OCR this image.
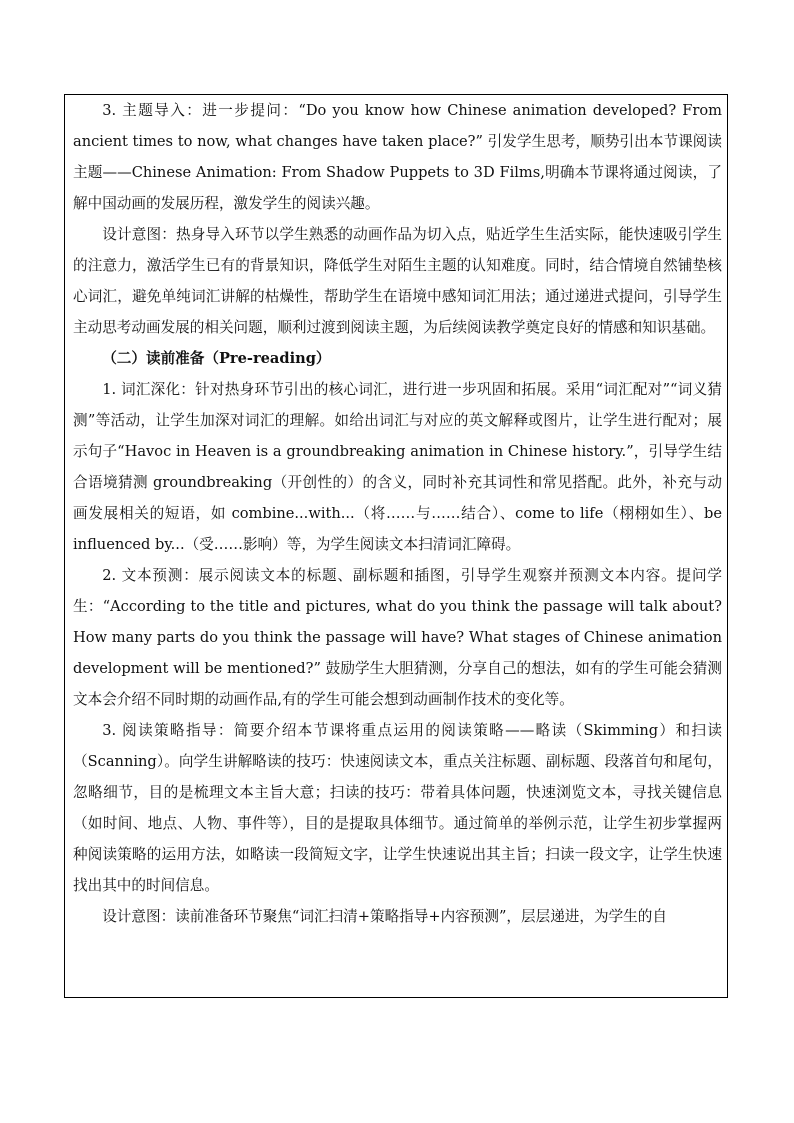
3. 主题导入：进一步提问：“Do you know how Chinese animation developed? From ancient times to now, what changes have taken place?” 引发学生思考，顺势引出本节课阅读主题——Chinese Animation: From Shadow Puppets to 3D Films,明确本节课将通过阅读，了解中国动画的发展历程，激发学生的阅读兴趣。

设计意图：热身导入环节以学生熟悉的动画作品为切入点，贴近学生生活实际，能快速吸引学生的注意力，激活学生已有的背景知识，降低学生对陌生主题的认知难度。同时，结合情境自然铺垫核心词汇，避免单纯词汇讲解的枯燥性，帮助学生在语境中感知词汇用法；通过递进式提问，引导学生主动思考动画发展的相关问题，顺利过渡到阅读主题，为后续阅读教学奠定良好的情感和知识基础。

（二）读前准备（Pre-reading）

1. 词汇深化：针对热身环节引出的核心词汇，进行进一步巩固和拓展。采用“词汇配对”“词义猜测”等活动，让学生加深对词汇的理解。如给出词汇与对应的英文解释或图片，让学生进行配对；展示句子“Havoc in Heaven is a groundbreaking animation in Chinese history.”，引导学生结合语境猜测 groundbreaking（开创性的）的含义，同时补充其词性和常见搭配。此外，补充与动画发展相关的短语，如 combine...with...（将……与……结合）、come to life（栩栩如生）、be influenced by...（受……影响）等，为学生阅读文本扫清词汇障碍。

2. 文本预测：展示阅读文本的标题、副标题和插图，引导学生观察并预测文本内容。提问学生：“According to the title and pictures, what do you think the passage will talk about? How many parts do you think the passage will have? What stages of Chinese animation development will be mentioned?” 鼓励学生大胆猜测，分享自己的想法，如有的学生可能会猜测文本会介绍不同时期的动画作品,有的学生可能会想到动画制作技术的变化等。

3. 阅读策略指导：简要介绍本节课将重点运用的阅读策略——略读（Skimming）和扫读（Scanning）。向学生讲解略读的技巧：快速阅读文本，重点关注标题、副标题、段落首句和尾句，忽略细节，目的是梳理文本主旨大意；扫读的技巧：带着具体问题，快速浏览文本，寻找关键信息（如时间、地点、人物、事件等），目的是提取具体细节。通过简单的举例示范，让学生初步掌握两种阅读策略的运用方法，如略读一段简短文字，让学生快速说出其主旨；扫读一段文字，让学生快速找出其中的时间信息。

设计意图：读前准备环节聚焦“词汇扫清+策略指导+内容预测”，层层递进，为学生的自
